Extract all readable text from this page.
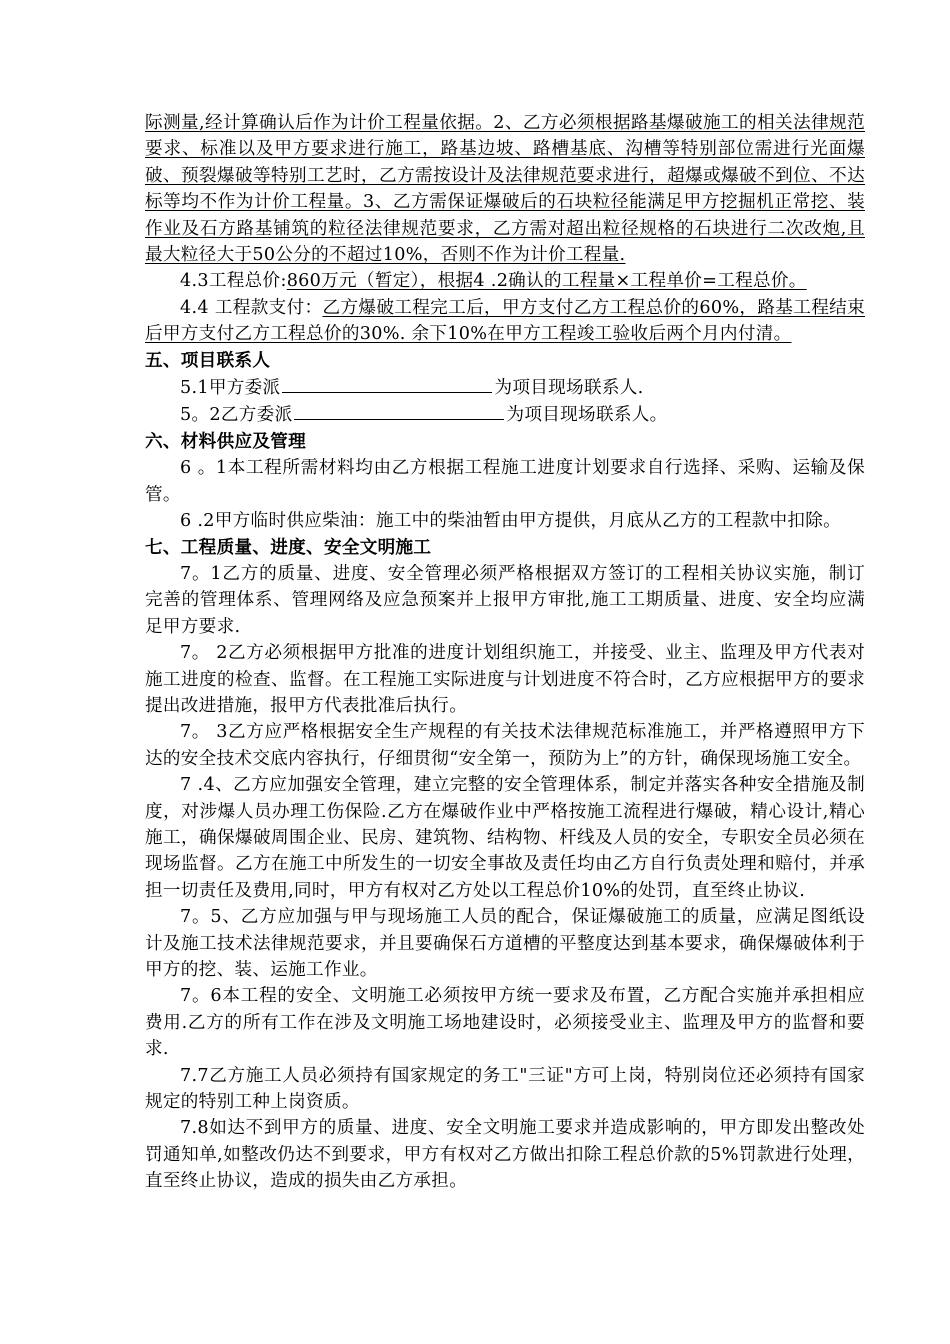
际测量,经计算确认后作为计价工程量依据。2、乙方必须根据路基爆破施工的相关法律规范要求、标准以及甲方要求进行施工，路基边坡、路槽基底、沟槽等特别部位需进行光面爆破、预裂爆破等特别工艺时，乙方需按设计及法律规范要求进行，超爆或爆破不到位、不达标等均不作为计价工程量。3、乙方需保证爆破后的石块粒径能满足甲方挖掘机正常挖、装作业及石方路基铺筑的粒径法律规范要求，乙方需对超出粒径规格的石块进行二次改炮,且最大粒径大于50公分的不超过10%，否则不作为计价工程量.

4.3工程总价:860万元（暂定），根据4 .2确认的工程量×工程单价=工程总价。

4.4 工程款支付：乙方爆破工程完工后，甲方支付乙方工程总价的60%，路基工程结束后甲方支付乙方工程总价的30%. 余下10%在甲方工程竣工验收后两个月内付清。

五、项目联系人

5.1甲方委派	为项目现场联系人.

5。2乙方委派	为项目现场联系人。

六、材料供应及管理

6 。1本工程所需材料均由乙方根据工程施工进度计划要求自行选择、采购、运输及保管。

6 .2甲方临时供应柴油：施工中的柴油暂由甲方提供，月底从乙方的工程款中扣除。

七、工程质量、进度、安全文明施工

7。1乙方的质量、进度、安全管理必须严格根据双方签订的工程相关协议实施，制订完善的管理体系、管理网络及应急预案并上报甲方审批,施工工期质量、进度、安全均应满足甲方要求.

7。 2乙方必须根据甲方批准的进度计划组织施工，并接受、业主、监理及甲方代表对施工进度的检查、监督。在工程施工实际进度与计划进度不符合时，乙方应根据甲方的要求提出改进措施，报甲方代表批准后执行。

7。 3乙方应严格根据安全生产规程的有关技术法律规范标准施工，并严格遵照甲方下达的安全技术交底内容执行，仔细贯彻“安全第一，预防为上”的方针，确保现场施工安全。

7 .4、乙方应加强安全管理，建立完整的安全管理体系，制定并落实各种安全措施及制度，对涉爆人员办理工伤保险.乙方在爆破作业中严格按施工流程进行爆破，精心设计,精心施工，确保爆破周围企业、民房、建筑物、结构物、杆线及人员的安全，专职安全员必须在现场监督。乙方在施工中所发生的一切安全事故及责任均由乙方自行负责处理和赔付，并承担一切责任及费用,同时，甲方有权对乙方处以工程总价10%的处罚，直至终止协议.

7。5、乙方应加强与甲与现场施工人员的配合，保证爆破施工的质量，应满足图纸设计及施工技术法律规范要求，并且要确保石方道槽的平整度达到基本要求，确保爆破体利于甲方的挖、装、运施工作业。

7。6本工程的安全、文明施工必须按甲方统一要求及布置，乙方配合实施并承担相应费用.乙方的所有工作在涉及文明施工场地建设时，必须接受业主、监理及甲方的监督和要求.

7.7乙方施工人员必须持有国家规定的务工"三证"方可上岗，特别岗位还必须持有国家规定的特别工种上岗资质。

7.8如达不到甲方的质量、进度、安全文明施工要求并造成影响的，甲方即发出整改处罚通知单,如整改仍达不到要求，甲方有权对乙方做出扣除工程总价款的5%罚款进行处理，直至终止协议，造成的损失由乙方承担。
